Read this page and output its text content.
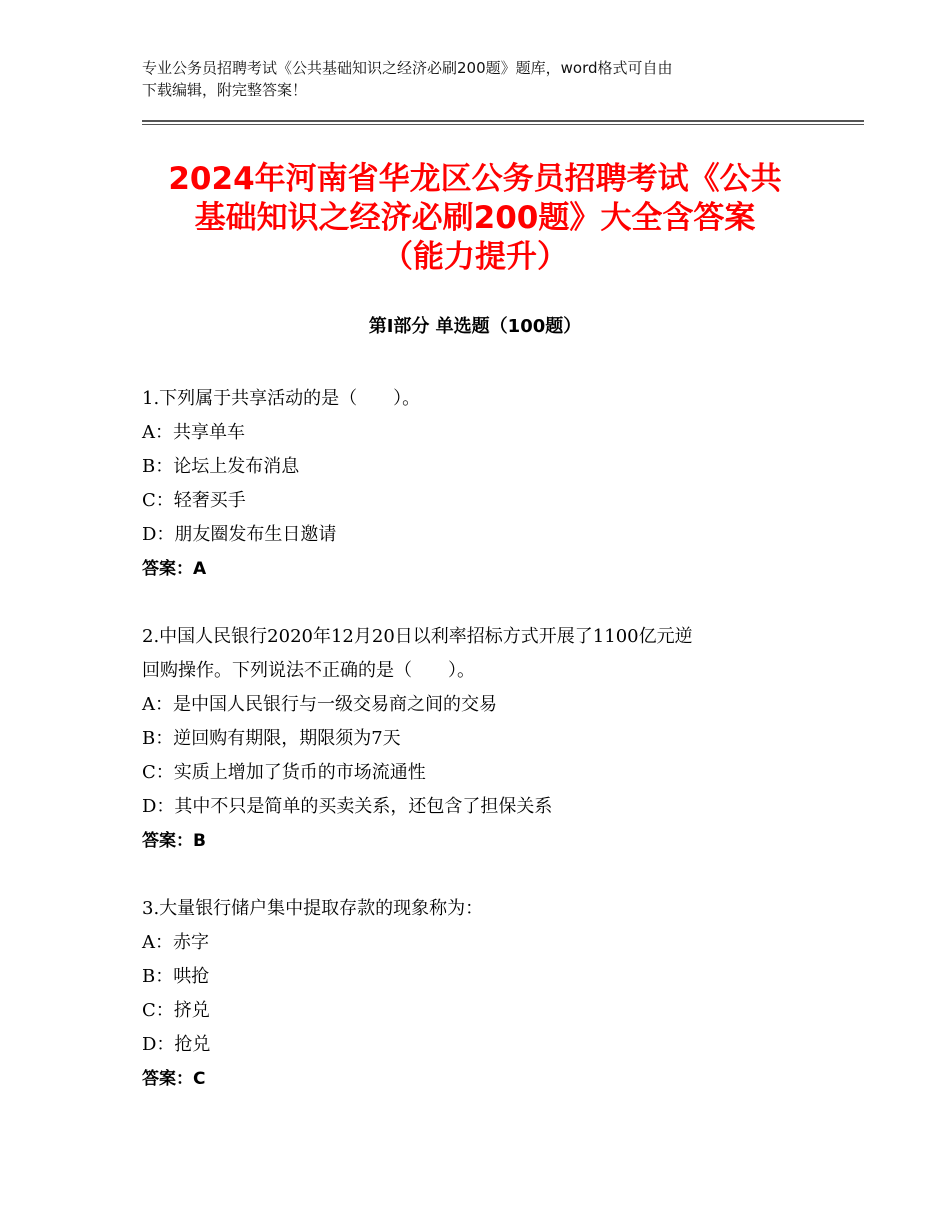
专业公务员招聘考试《公共基础知识之经济必刷200题》题库，word格式可自由
下载编辑，附完整答案！
2024年河南省华龙区公务员招聘考试《公共
基础知识之经济必刷200题》大全含答案
（能力提升）
第Ⅰ部分 单选题（100题）
1.下列属于共享活动的是（　　）。
A：共享单车
B：论坛上发布消息
C：轻奢买手
D：朋友圈发布生日邀请
答案：A
2.中国人民银行2020年12月20日以利率招标方式开展了1100亿元逆
回购操作。下列说法不正确的是（　　）。
A：是中国人民银行与一级交易商之间的交易
B：逆回购有期限，期限须为7天
C：实质上增加了货币的市场流通性
D：其中不只是简单的买卖关系，还包含了担保关系
答案：B
3.大量银行储户集中提取存款的现象称为：
A：赤字
B：哄抢
C：挤兑
D：抢兑
答案：C
